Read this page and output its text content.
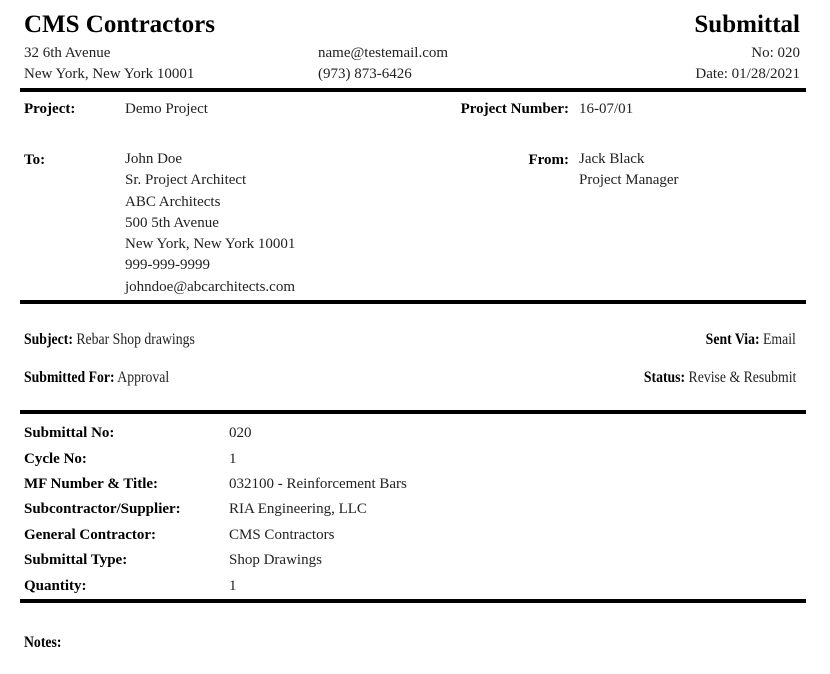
CMS Contractors
32 6th Avenue
New York, New York 10001
name@testemail.com
(973) 873-6426
Submittal
No: 020
Date: 01/28/2021
Project:	Demo Project	Project Number: 16-07/01
To:	John Doe
Sr. Project Architect
ABC Architects
500 5th Avenue
New York, New York 10001
999-999-9999
johndoe@abcarchitects.com
From: Jack Black
Project Manager
Subject: Rebar Shop drawings	Sent Via: Email
Submitted For: Approval	Status: Revise & Resubmit
Submittal No:	020
Cycle No:	1
MF Number & Title:	032100 - Reinforcement Bars
Subcontractor/Supplier:	RIA Engineering, LLC
General Contractor:	CMS Contractors
Submittal Type:	Shop Drawings
Quantity:	1
Notes:
